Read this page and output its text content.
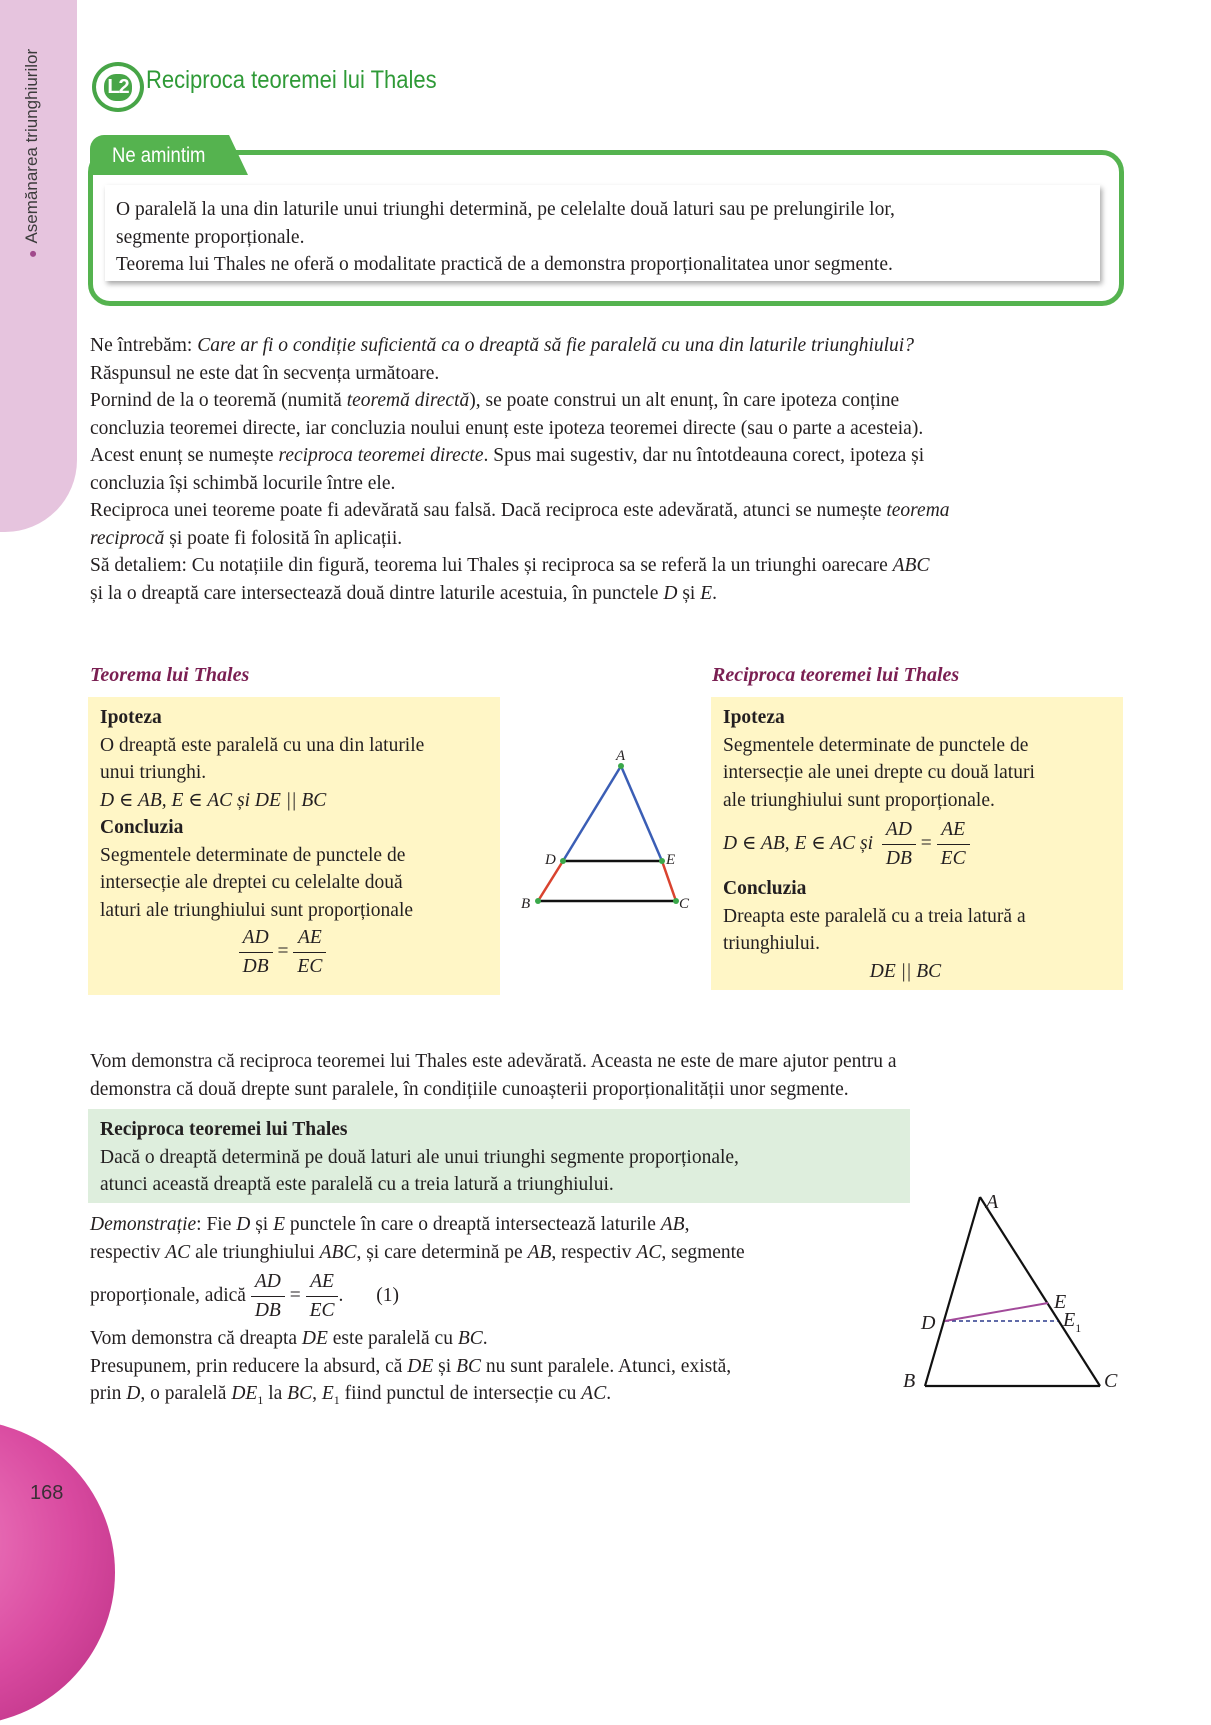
●Asemănarea triunghiurilor
168
L2 Reciproca teoremei lui Thales
Ne amintim
O paralelă la una din laturile unui triunghi determină, pe celelalte două laturi sau pe prelungirile lor,
segmente proporționale.
Teorema lui Thales ne oferă o modalitate practică de a demonstra proporționalitatea unor segmente.

Ne întrebăm: Care ar fi o condiție suficientă ca o dreaptă să fie paralelă cu una din laturile triunghiului?

Răspunsul ne este dat în secvența următoare.

Pornind de la o teoremă (numită teoremă directă), se poate construi un alt enunț, în care ipoteza conține

concluzia teoremei directe, iar concluzia noului enunț este ipoteza teoremei directe (sau o parte a acesteia).

Acest enunț se numește reciproca teoremei directe. Spus mai sugestiv, dar nu întotdeauna corect, ipoteza și

concluzia își schimbă locurile între ele.

Reciproca unei teoreme poate fi adevărată sau falsă. Dacă reciproca este adevărată, atunci se numește teorema

reciprocă și poate fi folosită în aplicații.

Să detaliem: Cu notațiile din figură, teorema lui Thales și reciproca sa se referă la un triunghi oarecare ABC

și la o dreaptă care intersectează două dintre laturile acestuia, în punctele D și E.

Teorema lui Thales
Ipoteza
O dreaptă este paralelă cu una din laturile
unui triunghi.
D ∈ AB, E ∈ AC și DE || BC
Concluzia
Segmentele determinate de punctele de
intersecție ale dreptei cu celelalte două
laturi ale triunghiului sunt proporționale
$\frac{AD}{DB} = \frac{AE}{EC}$
A
D	E
B	C
Reciproca teoremei lui Thales
Ipoteza
Segmentele determinate de punctele de
intersecție ale unei drepte cu două laturi
ale triunghiului sunt proporționale.
D ∈ AB, E ∈ AC și $\frac{AD}{DB} = \frac{AE}{EC}$
Concluzia
Dreapta este paralelă cu a treia latură a
triunghiului.
DE || BC

Vom demonstra că reciproca teoremei lui Thales este adevărată. Aceasta ne este de mare ajutor pentru a

demonstra că două drepte sunt paralele, în condițiile cunoașterii proporționalității unor segmente.

Reciproca teoremei lui Thales
Dacă o dreaptă determină pe două laturi ale unui triunghi segmente proporționale,
atunci această dreaptă este paralelă cu a treia latură a triunghiului.
Demonstrație: Fie D și E punctele în care o dreaptă intersectează laturile AB,
respectiv AC ale triunghiului ABC, și care determină pe AB, respectiv AC, segmente
proporționale, adică $\frac{AD}{DB} = \frac{AE}{EC}$ . (1)
Vom demonstra că dreapta DE este paralelă cu BC.
Presupunem, prin reducere la absurd, că DE și BC nu sunt paralele. Atunci, există,
prin D, o paralelă $DE_1$ la BC, $E_1$ fiind punctul de intersecție cu AC.
A
D
E
$E_1$
B	C
